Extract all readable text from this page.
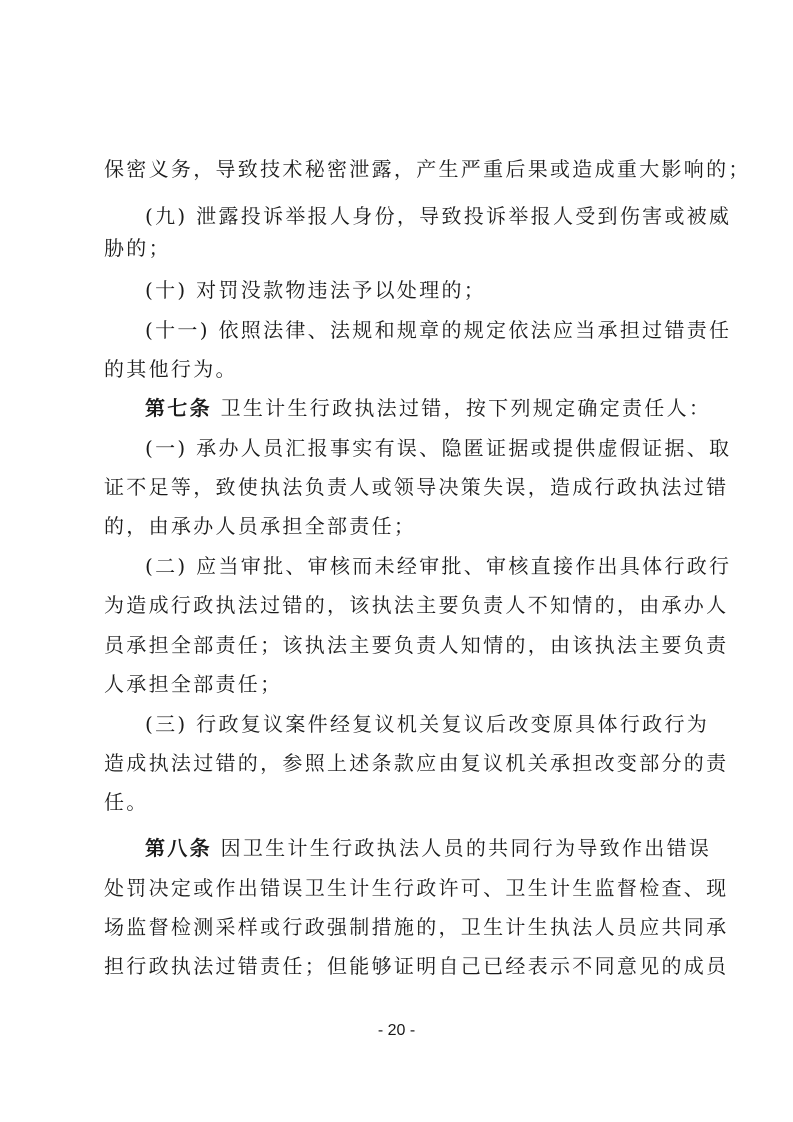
保密义务，导致技术秘密泄露，产生严重后果或造成重大影响的；
(九) 泄露投诉举报人身份，导致投诉举报人受到伤害或被威
胁的；
(十) 对罚没款物违法予以处理的；
(十一) 依照法律、法规和规章的规定依法应当承担过错责任
的其他行为。
第七条 卫生计生行政执法过错，按下列规定确定责任人：
(一) 承办人员汇报事实有误、隐匿证据或提供虚假证据、取
证不足等，致使执法负责人或领导决策失误，造成行政执法过错
的，由承办人员承担全部责任；
(二) 应当审批、审核而未经审批、审核直接作出具体行政行
为造成行政执法过错的，该执法主要负责人不知情的，由承办人
员承担全部责任；该执法主要负责人知情的，由该执法主要负责
人承担全部责任；
(三) 行政复议案件经复议机关复议后改变原具体行政行为
造成执法过错的，参照上述条款应由复议机关承担改变部分的责
任。
第八条 因卫生计生行政执法人员的共同行为导致作出错误
处罚决定或作出错误卫生计生行政许可、卫生计生监督检查、现
场监督检测采样或行政强制措施的，卫生计生执法人员应共同承
担行政执法过错责任；但能够证明自己已经表示不同意见的成员
- 20 -
